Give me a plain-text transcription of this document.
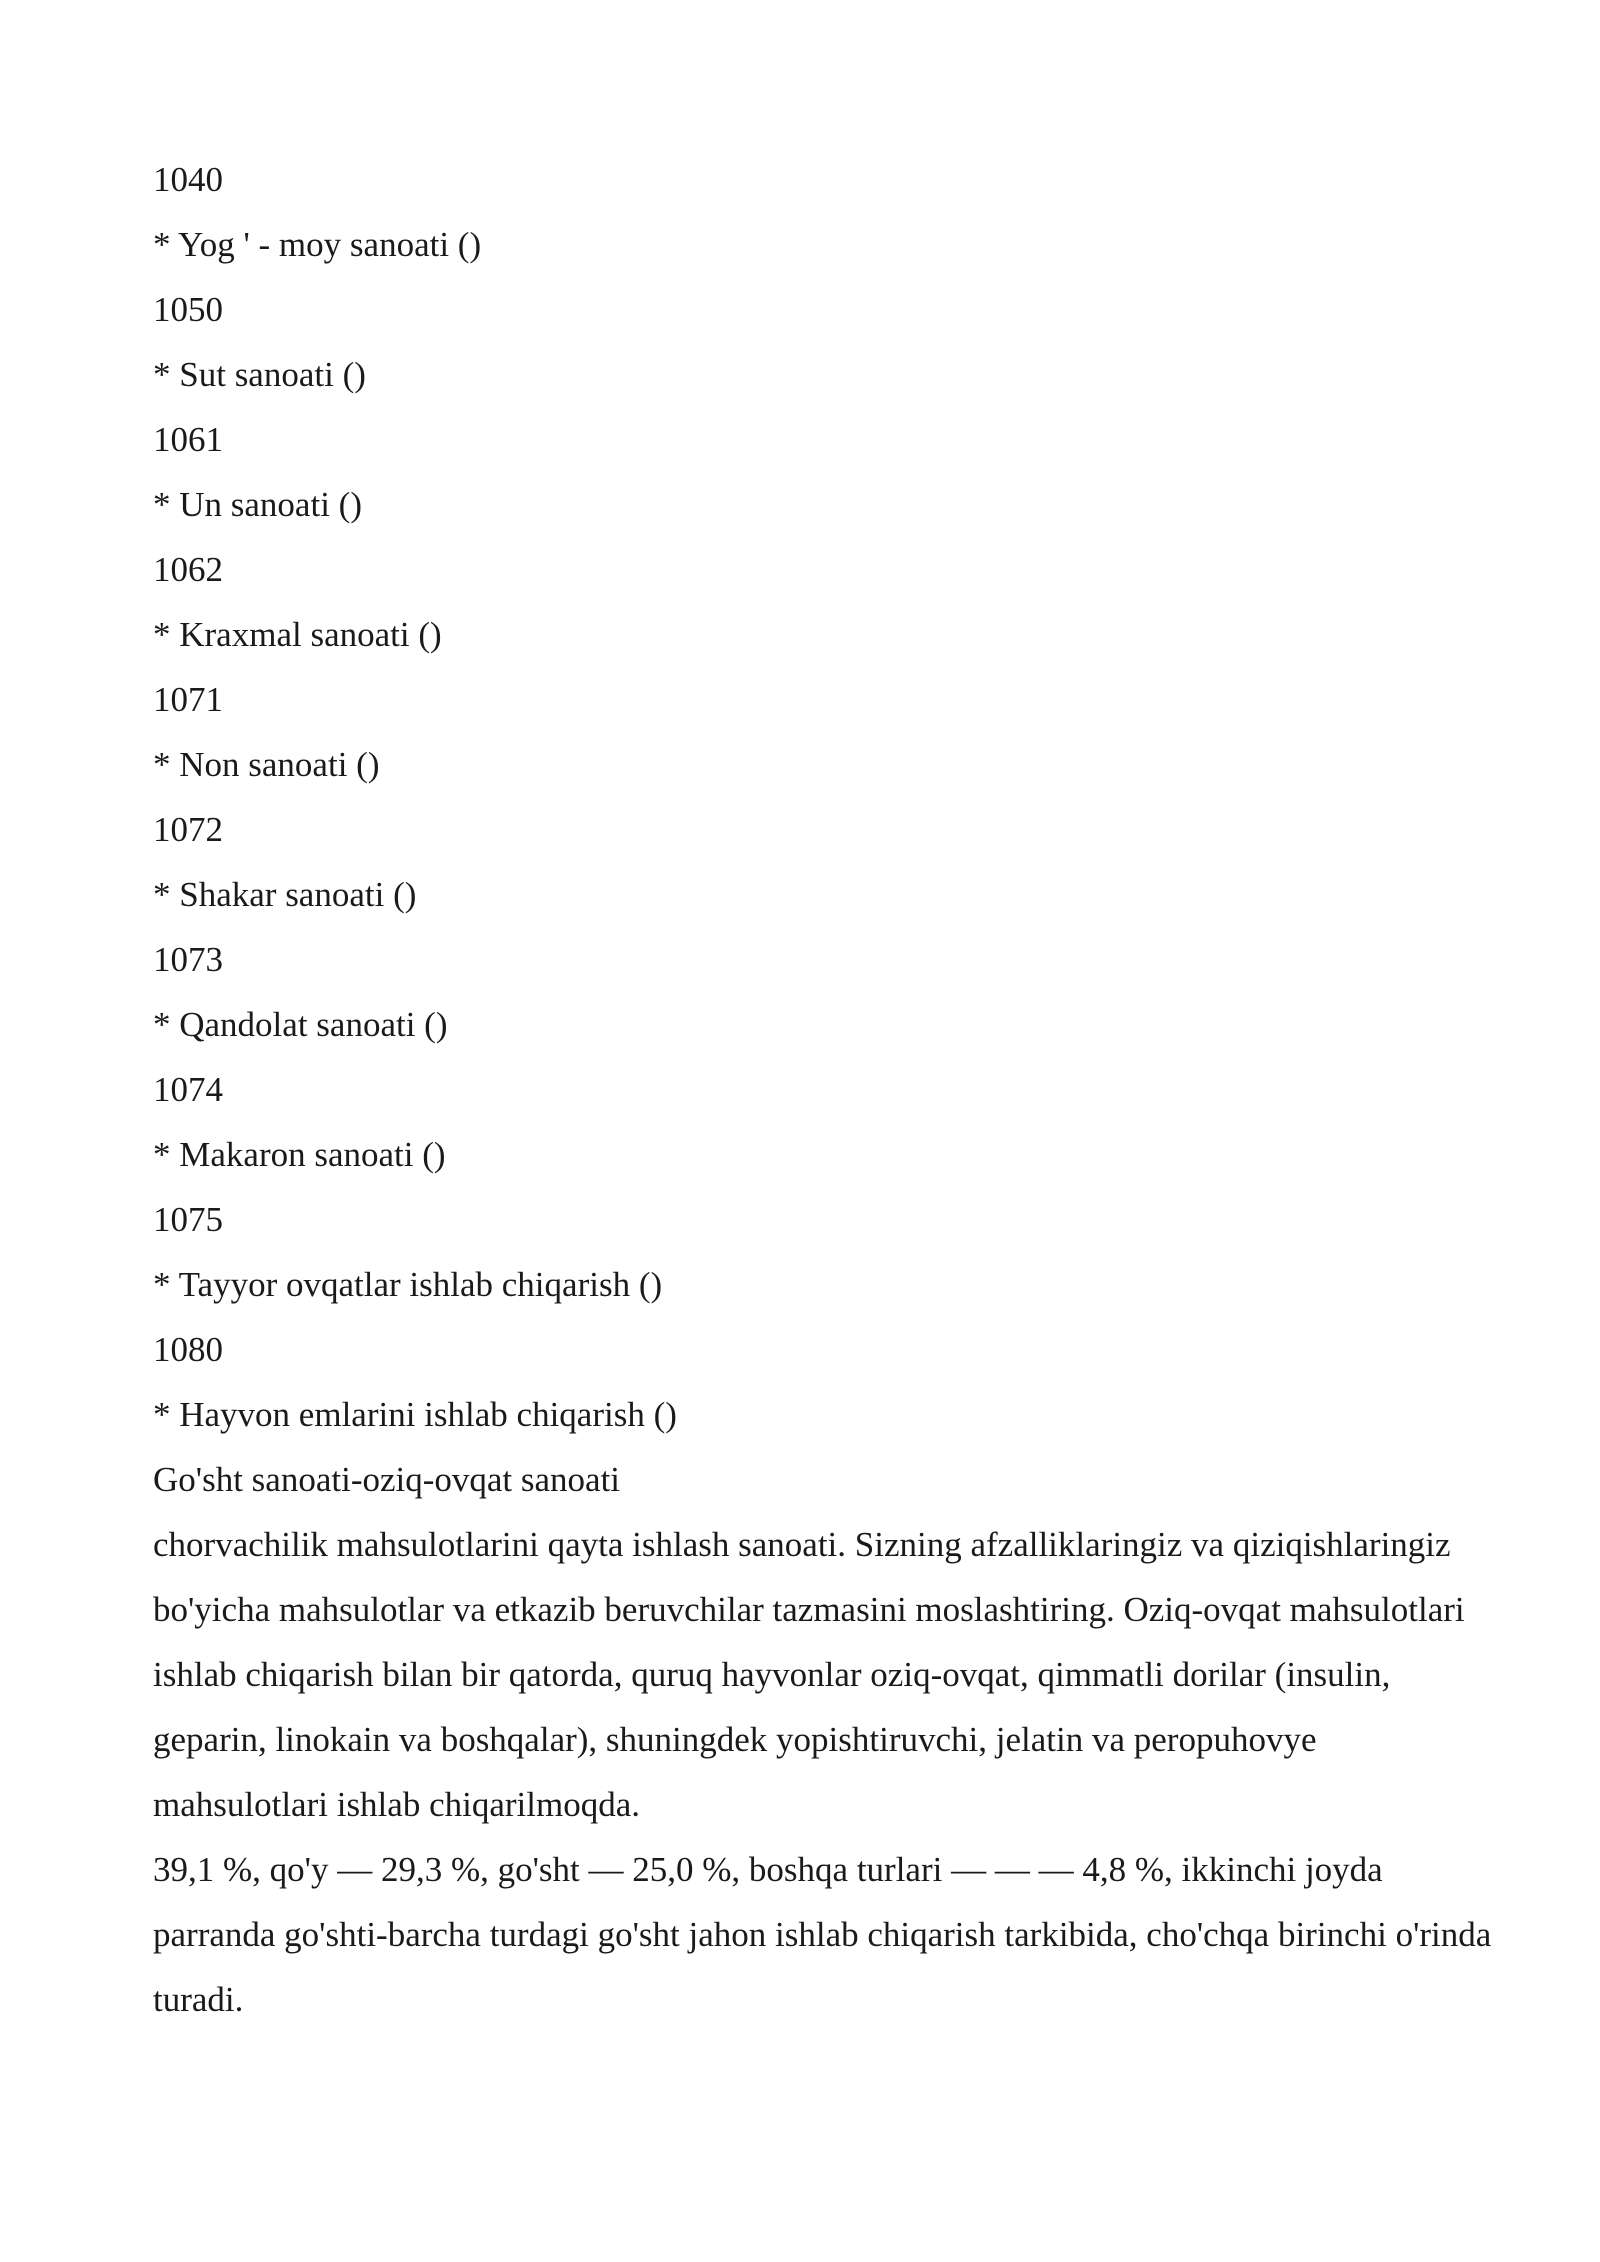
1040
* Yog ' - moy sanoati ()
1050
* Sut sanoati ()
1061
* Un sanoati ()
1062
* Kraxmal sanoati ()
1071
* Non sanoati ()
1072
* Shakar sanoati ()
1073
* Qandolat sanoati ()
1074
* Makaron sanoati ()
1075
* Tayyor ovqatlar ishlab chiqarish ()
1080
* Hayvon emlarini ishlab chiqarish ()
Go'sht sanoati-oziq-ovqat sanoati
chorvachilik mahsulotlarini qayta ishlash sanoati. Sizning afzalliklaringiz va qiziqishlaringiz bo'yicha mahsulotlar va etkazib beruvchilar tazmasini moslashtiring. Oziq-ovqat mahsulotlari ishlab chiqarish bilan bir qatorda, quruq hayvonlar oziq-ovqat, qimmatli dorilar (insulin, geparin, linokain va boshqalar), shuningdek yopishtiruvchi, jelatin va peropuhovye mahsulotlari ishlab chiqarilmoqda.
39,1 %, qo'y — 29,3 %, go'sht — 25,0 %, boshqa turlari — — — 4,8 %, ikkinchi joyda parranda go'shti-barcha turdagi go'sht jahon ishlab chiqarish tarkibida, cho'chqa birinchi o'rinda turadi.
